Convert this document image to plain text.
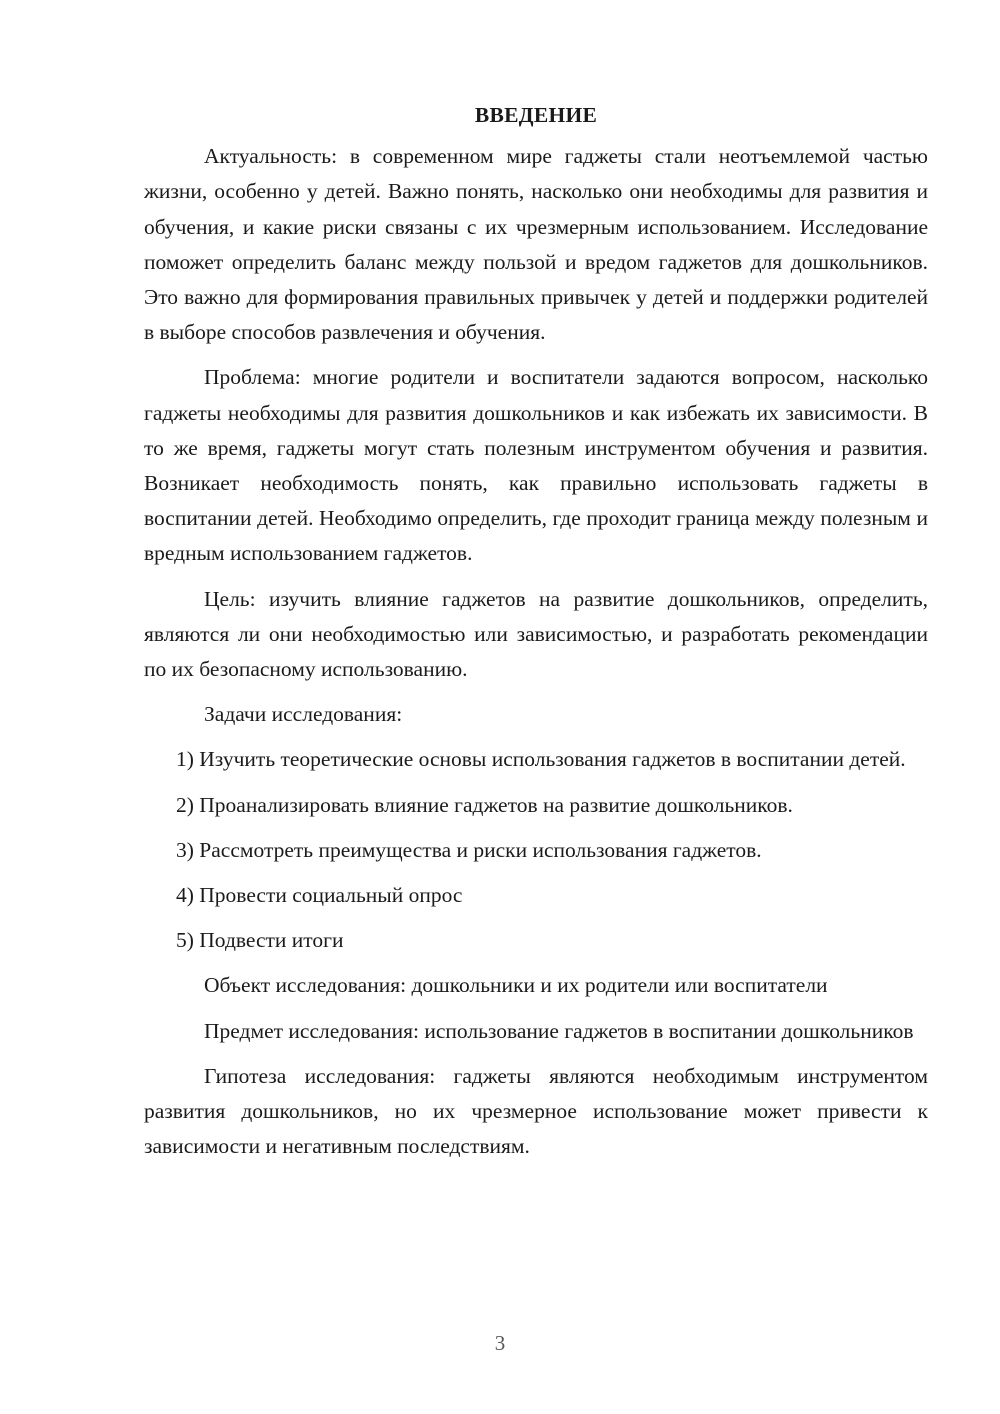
ВВЕДЕНИЕ

Актуальность: в современном мире гаджеты стали неотъемлемой частью жизни, особенно у детей. Важно понять, насколько они необходимы для развития и обучения, и какие риски связаны с их чрезмерным использованием. Исследование поможет определить баланс между пользой и вредом гаджетов для дошкольников. Это важно для формирования правильных привычек у детей и поддержки родителей в выборе способов развлечения и обучения.

Проблема: многие родители и воспитатели задаются вопросом, насколько гаджеты необходимы для развития дошкольников и как избежать их зависимости. В то же время, гаджеты могут стать полезным инструментом обучения и развития. Возникает необходимость понять, как правильно использовать гаджеты в воспитании детей. Необходимо определить, где проходит граница между полезным и вредным использованием гаджетов.

Цель: изучить влияние гаджетов на развитие дошкольников, определить, являются ли они необходимостью или зависимостью, и разработать рекомендации по их безопасному использованию.

Задачи исследования:

1) Изучить теоретические основы использования гаджетов в воспитании детей.

2) Проанализировать влияние гаджетов на развитие дошкольников.

3) Рассмотреть преимущества и риски использования гаджетов.

4) Провести социальный опрос

5) Подвести итоги

Объект исследования: дошкольники и их родители или воспитатели

Предмет исследования: использование гаджетов в воспитании дошкольников

Гипотеза исследования: гаджеты являются необходимым инструментом развития дошкольников, но их чрезмерное использование может привести к зависимости и негативным последствиям.

3
